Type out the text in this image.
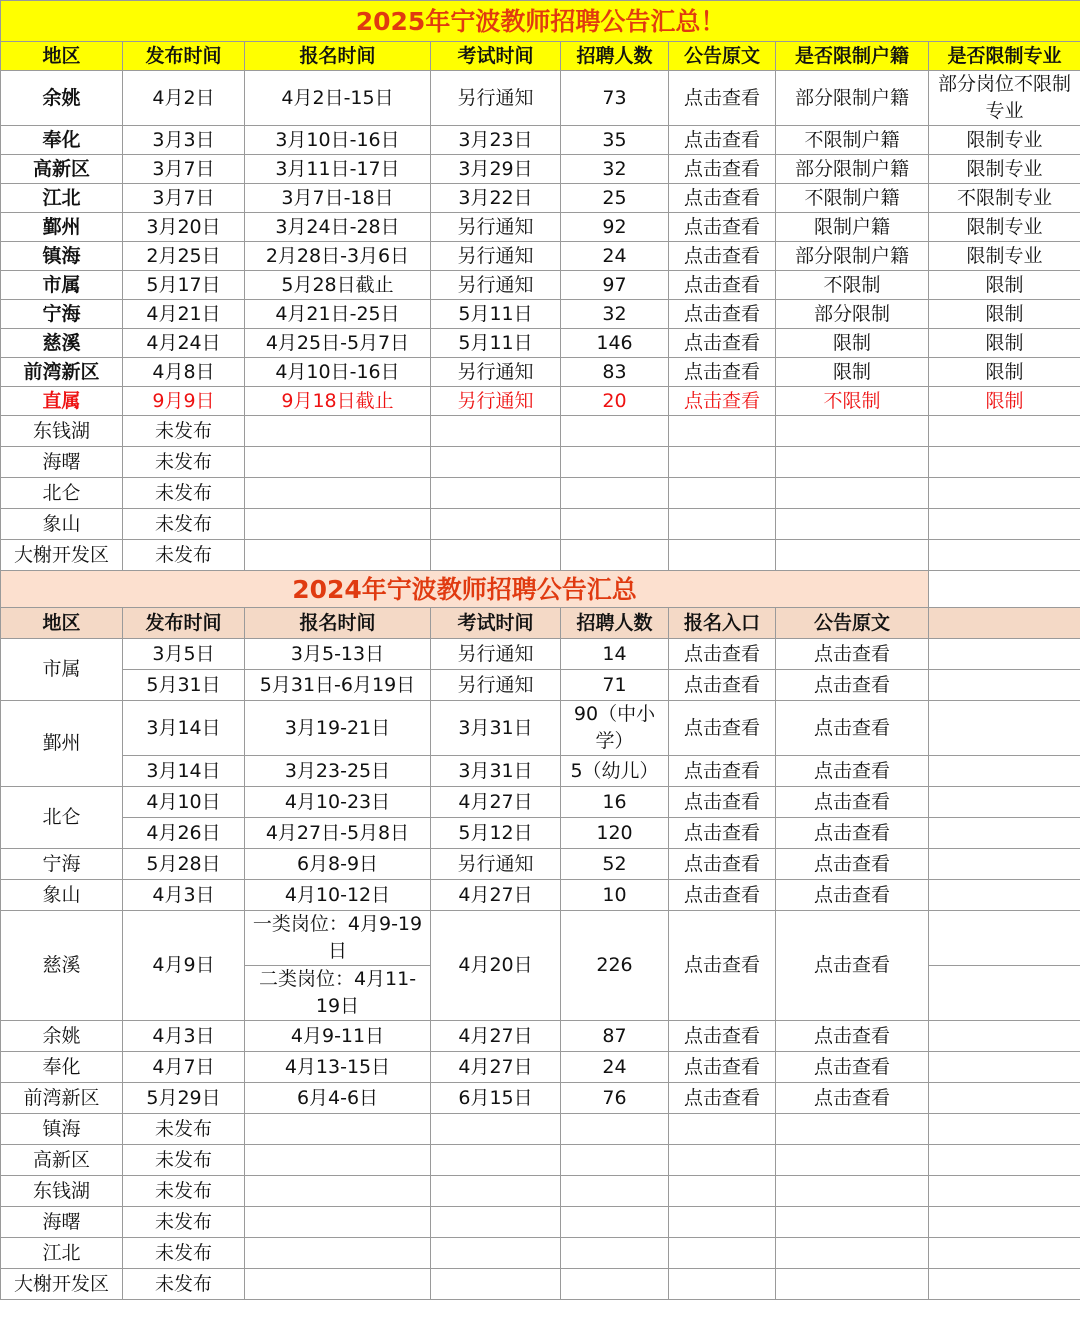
2025年宁波教师招聘公告汇总！							
地区	发布时间	报名时间	考试时间	招聘人数	公告原文	是否限制户籍	是否限制专业
余姚	4月2日	4月2日-15日	另行通知	73	点击查看	部分限制户籍	部分岗位不限制专业
奉化	3月3日	3月10日-16日	3月23日	35	点击查看	不限制户籍	限制专业
高新区	3月7日	3月11日-17日	3月29日	32	点击查看	部分限制户籍	限制专业
江北	3月7日	3月7日-18日	3月22日	25	点击查看	不限制户籍	不限制专业
鄞州	3月20日	3月24日-28日	另行通知	92	点击查看	限制户籍	限制专业
镇海	2月25日	2月28日-3月6日	另行通知	24	点击查看	部分限制户籍	限制专业
市属	5月17日	5月28日截止	另行通知	97	点击查看	不限制	限制
宁海	4月21日	4月21日-25日	5月11日	32	点击查看	部分限制	限制
慈溪	4月24日	4月25日-5月7日	5月11日	146	点击查看	限制	限制
前湾新区	4月8日	4月10日-16日	另行通知	83	点击查看	限制	限制
直属	9月9日	9月18日截止	另行通知	20	点击查看	不限制	限制
东钱湖	未发布						
海曙	未发布						
北仑	未发布						
象山	未发布						
大榭开发区	未发布						
2024年宁波教师招聘公告汇总							
地区	发布时间	报名时间	考试时间	招聘人数	报名入口	公告原文	
市属	3月5日	3月5-13日	另行通知	14	点击查看	点击查看	
	5月31日	5月31日-6月19日	另行通知	71	点击查看	点击查看	
鄞州	3月14日	3月19-21日	3月31日	90（中小学）	点击查看	点击查看	
	3月14日	3月23-25日	3月31日	5（幼儿）	点击查看	点击查看	
北仑	4月10日	4月10-23日	4月27日	16	点击查看	点击查看	
	4月26日	4月27日-5月8日	5月12日	120	点击查看	点击查看	
宁海	5月28日	6月8-9日	另行通知	52	点击查看	点击查看	
象山	4月3日	4月10-12日	4月27日	10	点击查看	点击查看	
慈溪	4月9日	一类岗位：4月9-19日	4月20日	226	点击查看	点击查看	
		二类岗位：4月11-19日					
余姚	4月3日	4月9-11日	4月27日	87	点击查看	点击查看	
奉化	4月7日	4月13-15日	4月27日	24	点击查看	点击查看	
前湾新区	5月29日	6月4-6日	6月15日	76	点击查看	点击查看	
镇海	未发布						
高新区	未发布						
东钱湖	未发布						
海曙	未发布						
江北	未发布						
大榭开发区	未发布						
